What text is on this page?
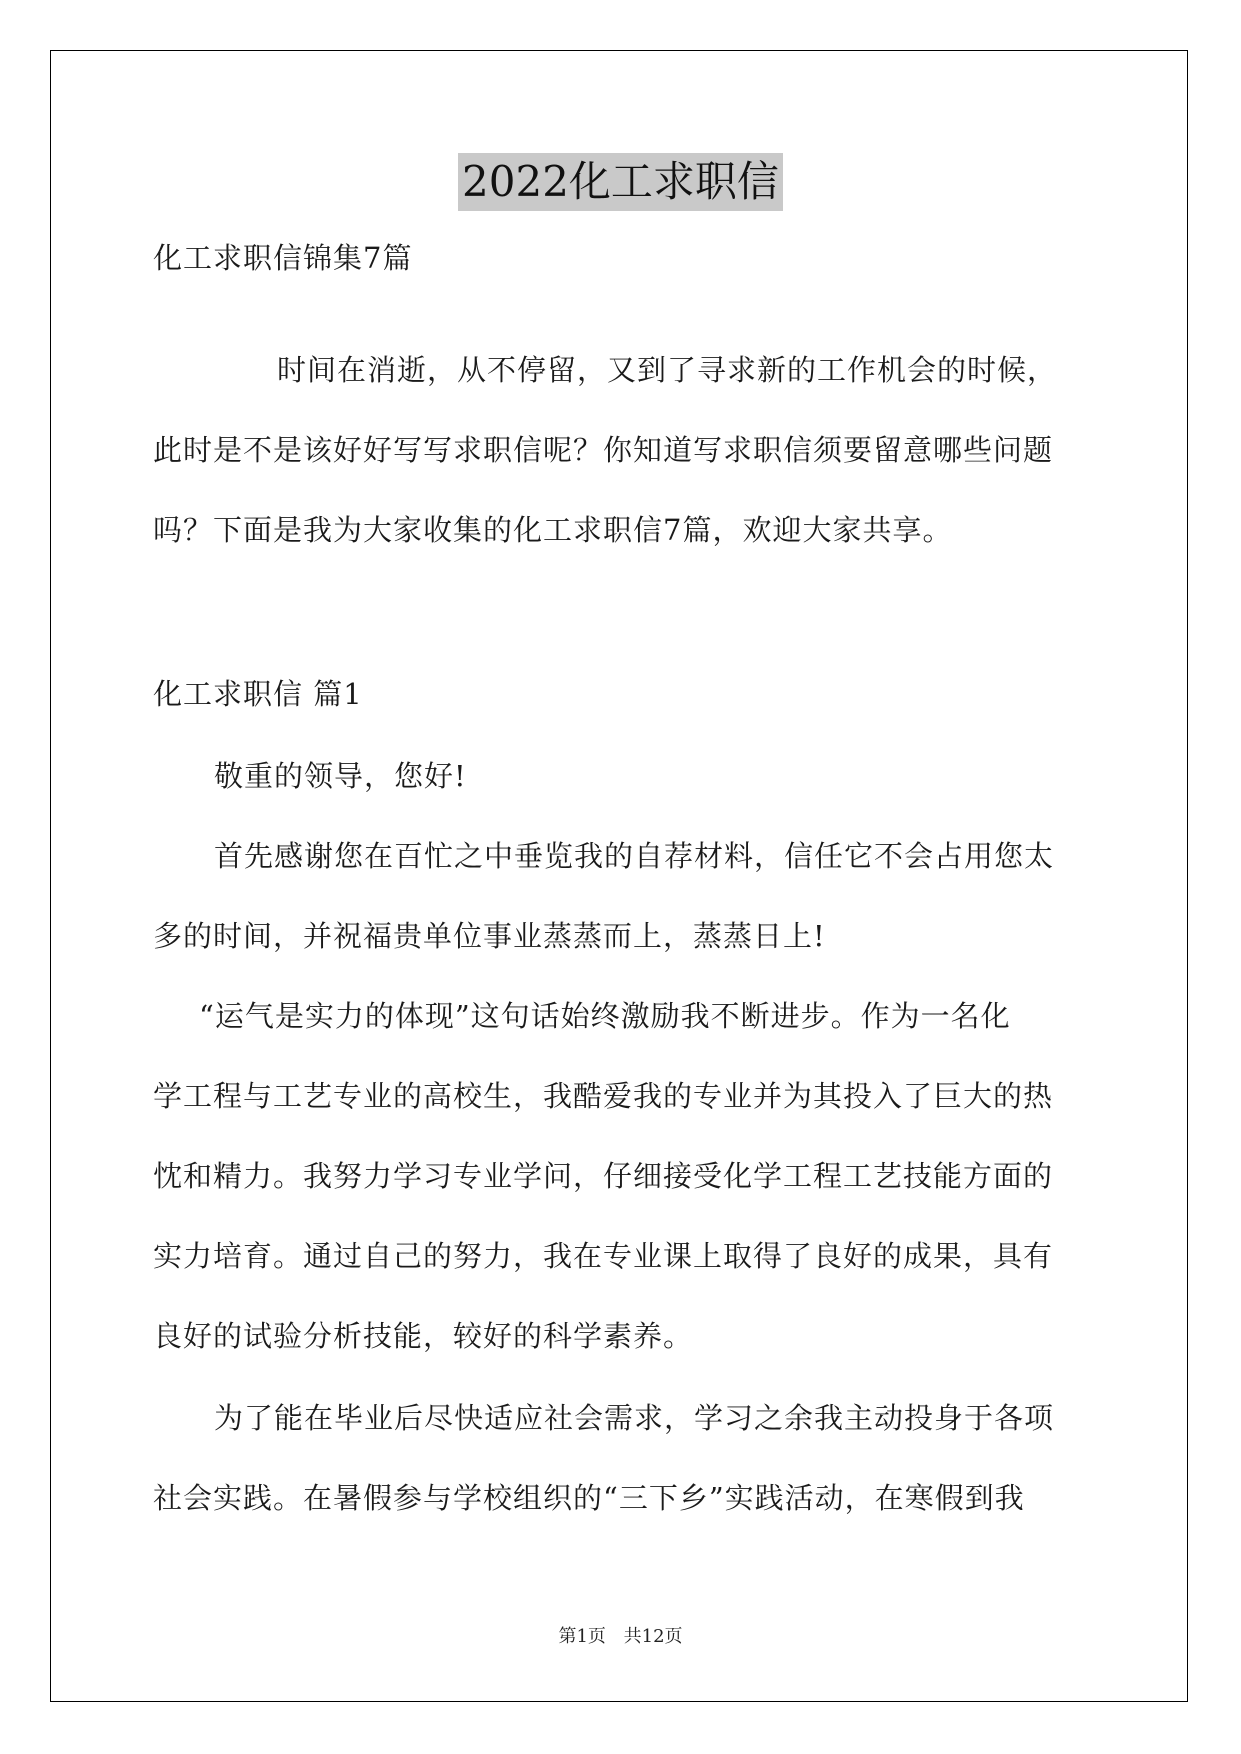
2022化工求职信
化工求职信锦集7篇
时间在消逝，从不停留，又到了寻求新的工作机会的时候，
此时是不是该好好写写求职信呢？你知道写求职信须要留意哪些问题
吗？下面是我为大家收集的化工求职信7篇，欢迎大家共享。
化工求职信 篇1
敬重的领导，您好!
首先感谢您在百忙之中垂览我的自荐材料，信任它不会占用您太
多的时间，并祝福贵单位事业蒸蒸而上，蒸蒸日上!
“运气是实力的体现”这句话始终激励我不断进步。作为一名化
学工程与工艺专业的高校生，我酷爱我的专业并为其投入了巨大的热
忱和精力。我努力学习专业学问，仔细接受化学工程工艺技能方面的
实力培育。通过自己的努力，我在专业课上取得了良好的成果，具有
良好的试验分析技能，较好的科学素养。
为了能在毕业后尽快适应社会需求，学习之余我主动投身于各项
社会实践。在暑假参与学校组织的“三下乡”实践活动，在寒假到我
第1页 共12页
